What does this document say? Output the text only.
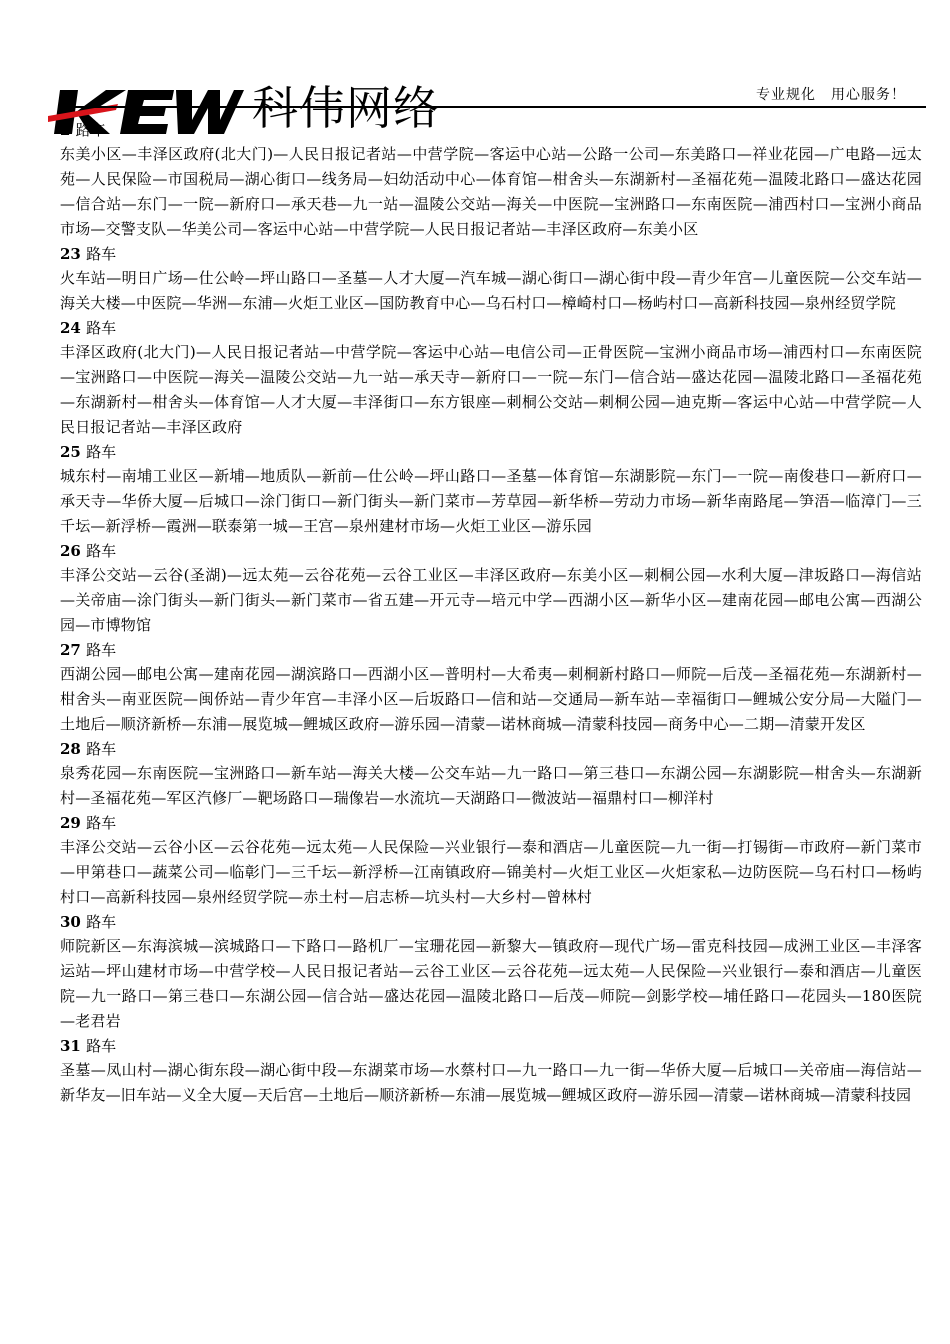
科伟网络	专业规化　用心服务！
2 路车
东美小区—丰泽区政府(北大门)—人民日报记者站—中营学院—客运中心站—公路一公司—东美路口—祥业花园—广电路—远太苑—人民保险—市国税局—湖心街口—线务局—妇幼活动中心—体育馆—柑舍头—东湖新村—圣福花苑—温陵北路口—盛达花园—信合站—东门—一院—新府口—承天巷—九一站—温陵公交站—海关—中医院—宝洲路口—东南医院—浦西村口—宝洲小商品市场—交警支队—华美公司—客运中心站—中营学院—人民日报记者站—丰泽区政府—东美小区
23 路车
火车站—明日广场—仕公岭—坪山路口—圣墓—人才大厦—汽车城—湖心街口—湖心街中段—青少年宫—儿童医院—公交车站—海关大楼—中医院—华洲—东浦—火炬工业区—国防教育中心—乌石村口—樟崎村口—杨屿村口—高新科技园—泉州经贸学院
24 路车
丰泽区政府(北大门)—人民日报记者站—中营学院—客运中心站—电信公司—正骨医院—宝洲小商品市场—浦西村口—东南医院—宝洲路口—中医院—海关—温陵公交站—九一站—承天寺—新府口—一院—东门—信合站—盛达花园—温陵北路口—圣福花苑—东湖新村—柑舍头—体育馆—人才大厦—丰泽街口—东方银座—刺桐公交站—刺桐公园—迪克斯—客运中心站—中营学院—人民日报记者站—丰泽区政府
25 路车
城东村—南埔工业区—新埔—地质队—新前—仕公岭—坪山路口—圣墓—体育馆—东湖影院—东门—一院—南俊巷口—新府口—承天寺—华侨大厦—后城口—涂门街口—新门街头—新门菜市—芳草园—新华桥—劳动力市场—新华南路尾—笋浯—临漳门—三千坛—新浮桥—霞洲—联泰第一城—王宫—泉州建材市场—火炬工业区—游乐园
26 路车
丰泽公交站—云谷(圣湖)—远太苑—云谷花苑—云谷工业区—丰泽区政府—东美小区—刺桐公园—水利大厦—津坂路口—海信站—关帝庙—涂门街头—新门街头—新门菜市—省五建—开元寺—培元中学—西湖小区—新华小区—建南花园—邮电公寓—西湖公园—市博物馆
27 路车
西湖公园—邮电公寓—建南花园—湖滨路口—西湖小区—普明村—大希夷—刺桐新村路口—师院—后茂—圣福花苑—东湖新村—柑舍头—南亚医院—闽侨站—青少年宫—丰泽小区—后坂路口—信和站—交通局—新车站—幸福街口—鲤城公安分局—大隘门—土地后—顺济新桥—东浦—展览城—鲤城区政府—游乐园—清蒙—诺林商城—清蒙科技园—商务中心—二期—清蒙开发区
28 路车
泉秀花园—东南医院—宝洲路口—新车站—海关大楼—公交车站—九一路口—第三巷口—东湖公园—东湖影院—柑舍头—东湖新村—圣福花苑—军区汽修厂—靶场路口—瑞像岩—水流坑—天湖路口—微波站—福鼎村口—柳洋村
29 路车
丰泽公交站—云谷小区—云谷花苑—远太苑—人民保险—兴业银行—泰和酒店—儿童医院—九一街—打锡街—市政府—新门菜市—甲第巷口—蔬菜公司—临彰门—三千坛—新浮桥—江南镇政府—锦美村—火炬工业区—火炬家私—边防医院—乌石村口—杨屿村口—高新科技园—泉州经贸学院—赤土村—启志桥—坑头村—大乡村—曾林村
30 路车
师院新区—东海滨城—滨城路口—下路口—路机厂—宝珊花园—新黎大—镇政府—现代广场—雷克科技园—成洲工业区—丰泽客运站—坪山建材市场—中营学校—人民日报记者站—云谷工业区—云谷花苑—远太苑—人民保险—兴业银行—泰和酒店—儿童医院—九一路口—第三巷口—东湖公园—信合站—盛达花园—温陵北路口—后茂—师院—剑影学校—埔任路口—花园头—180医院—老君岩
31 路车
圣墓—凤山村—湖心街东段—湖心街中段—东湖菜市场—水蔡村口—九一路口—九一街—华侨大厦—后城口—关帝庙—海信站—新华友—旧车站—义全大厦—天后宫—土地后—顺济新桥—东浦—展览城—鲤城区政府—游乐园—清蒙—诺林商城—清蒙科技园
